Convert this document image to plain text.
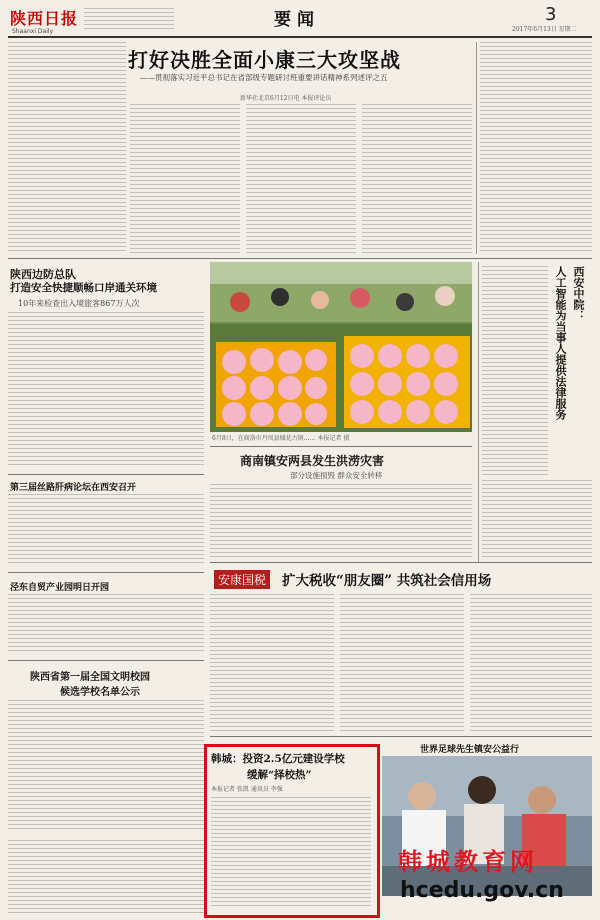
陕西日报
Shaanxi Daily
要闻	3
2017年6月13日 星期二
打好决胜全面小康三大攻坚战
——贯彻落实习近平总书记在省部级专题研讨班重要讲话精神系列述评之五
新华社北京6月12日电 本报评论员
陕西边防总队
打造安全快捷顺畅口岸通关环境
10年来检查出入境旅客867万人次
第三届丝路肝病论坛在西安召开
泾东自贸产业园明日开园
陕西省第一届全国文明校园
候选学校名单公示
6月8日，在商洛市丹凤县棣花古镇…… 本报记者 摄
商南镇安两县发生洪涝灾害
部分设施损毁 群众安全转移
西安中院：
人工智能为当事人提供法律服务
安康国税 扩大税收“朋友圈” 共筑社会信用场
韩城：投资2.5亿元建设学校
缓解“择校热”
本报记者 张凯 通讯员 李强
世界足球先生镇安公益行
韩城教育网
hcedu.gov.cn
